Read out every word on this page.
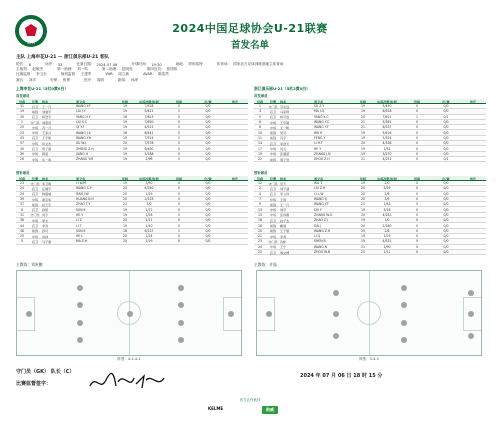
CFA
2024中国足球协会U-21联赛
首发名单
主队 上海申花U-21 — 浙江俱乐部U-21 客队
轮次： 6	场序： 33	比赛日期： 2024-07-06	开球时间： 19:30	场地： 呼和浩特	体育场： 国家北方足球训练基地主体育场
主裁判： 赵敏杰	第一助理： 刘一鸣	第二助理： 赵明亮	第四官员： 张国伟
比赛监督： 李卫东	裁判监督： 王建军	VAR： 周立新	AVAR： 陈浩然
赛区： 刘洋	安保： 张勇	医疗： 周明	新闻： 孙涛
上海申花U-21（5红0黄0白）	浙江俱乐部U-21（5红2黄0白）
首发球员	首发球员
号码	位置	姓名	英文名	年龄	出场次数/时间	进球	红/黄	备注
31	后卫	王一凡	WANG Y.F	19	7/528	0	0/0
19	前锋	刘建宇	LIU J.Y	19	5/411	1	0/0
35	后卫	杨浩宇	YANG H.Y	18	7/623	0	0/0
1	守门员 刘思辰	LIU S.C	19	7/630	0	0/0
20	中场	齐一凡	QI Y.F	19	4/315	0	0/0
23	中场	王家兴	WANG J.X	18	6/441	0	0/0
43	后卫	王宇航	WANG Y.H	19	7/524	1	0/0
57	中场	许文杰	XU W.J	20	7/578	0	0/0
30	后卫	郑子豪	ZHENG Z.H	19	6/490	0	0/0
39	中场	蒋昊	JIANG H	19	3/188	0	0/0
26	中场	张一鸣	ZHANG Y.M	19	2/96	0	0/0
号码	位置	姓名	英文名	年龄	出场次数/时间	进球	红/黄	备注
1	守门员 苏志远	SU Z.Y	19	5/450	0	0/0
3	后卫	马家琦	MA J.Q	19	6/528	0	0/0
5	后卫	杨可成	YANG K.C	20	7/611	1	0/1
6	中场	王宇晨	WANG Y.C	21	5/361	0	0/0
8	中场	王一帆	WANG Y.F	21	6/337	0	0/0
10	前锋	吴可	WU K	19	5/416	0	0/0
11	前锋	冯宇	FENG Y	19	5/324	0	0/0
14	后卫	李浩天	LI H.T	20	4/336	0	0/0
17	中场	何元	HE Y	19	1/31	0	0/0
19	中场	张嘉诺	ZHANG J.N	19	3/270	0	0/0
22	前锋	周子浩	ZHOU Z.H	21	4/251	0	0/1
替补球员	替补球员
号码	位置	姓名	英文名	年龄	出场次数/时间	进球	红/黄	备注
23	守门员 李卫明	LI W.M	19	3/90	0	0/0
24	后卫	汪晨宇	WANG C.Y	20	4/240	0	0/0
24	后卫	韩嘉威	HAN J.W	20	1/29	0	0/0
39	中场	黄宝华	HUANG B.H	20	2/133	0	0/0
37	前锋	赵天宇	ZHAO T.Y	21	3/0	0	0/0
8	后卫	孙凯	SUN K	19	1/71	0	0/0
31	守门员 何宇	HE Y	19	1/26	0	0/0
36	中场	李志	LI Z	20	1/11	0	0/0
44	后卫	李涛	LI T	19	1/10	0	0/0
48	前锋	孙可	SUN K	18	6/137	1	0/0
25	中场	何林	HE L	20	1/24	0	0/0
5	后卫	马子豪	MA Z.H	20	1/19	0	0/0
号码	位置	姓名	英文名	年龄	出场次数/时间	进球	红/黄	备注
12	守门员 吴天	WU T	19	2/0	0	0/0
2	后卫	刘子涵	LIU Z.H	20	3/19	0	0/0
4	后卫	李立伟	LI L.W	20	2/6	0	0/0
7	中场	王琦	WANG Q	20	3/9	0	0/0
9	前锋	王一凡	WANG Y.F	21	1/43	0	0/0
13	中场	刘宇	LIU Y	19	3/16	0	0/0
15	中场	张伟刚	ZHANG W.G	20	4/281	0	0/0
16	后卫	赵子杰	ZHAO Z.J	19	1/0	0	0/0
18	前锋	戴建	DAI J	20	2/180	0	0/0
20	前锋	王子豪	WANG Z.H	19	2/8	0	0/0
21	中场	李青	LI Q	19	1/19	0	0/0
23	守门员 沈彬	SHEN B	19	4/331	0	0/0
24	中场	王宁	WANG N	21	1/90	0	0/0
25	后卫	周文博	ZHOU W.B	21	1/11	0	0/0
主教练：刘寅鹏	主教练：许磊
阵型：4-1-4-1	阵型：3-4-3
守门员（GK） 队长（C）
比赛监督签字：
2024 年 07 月 06 日 18 时 15 分
官方合作伙伴
KELME	助威
